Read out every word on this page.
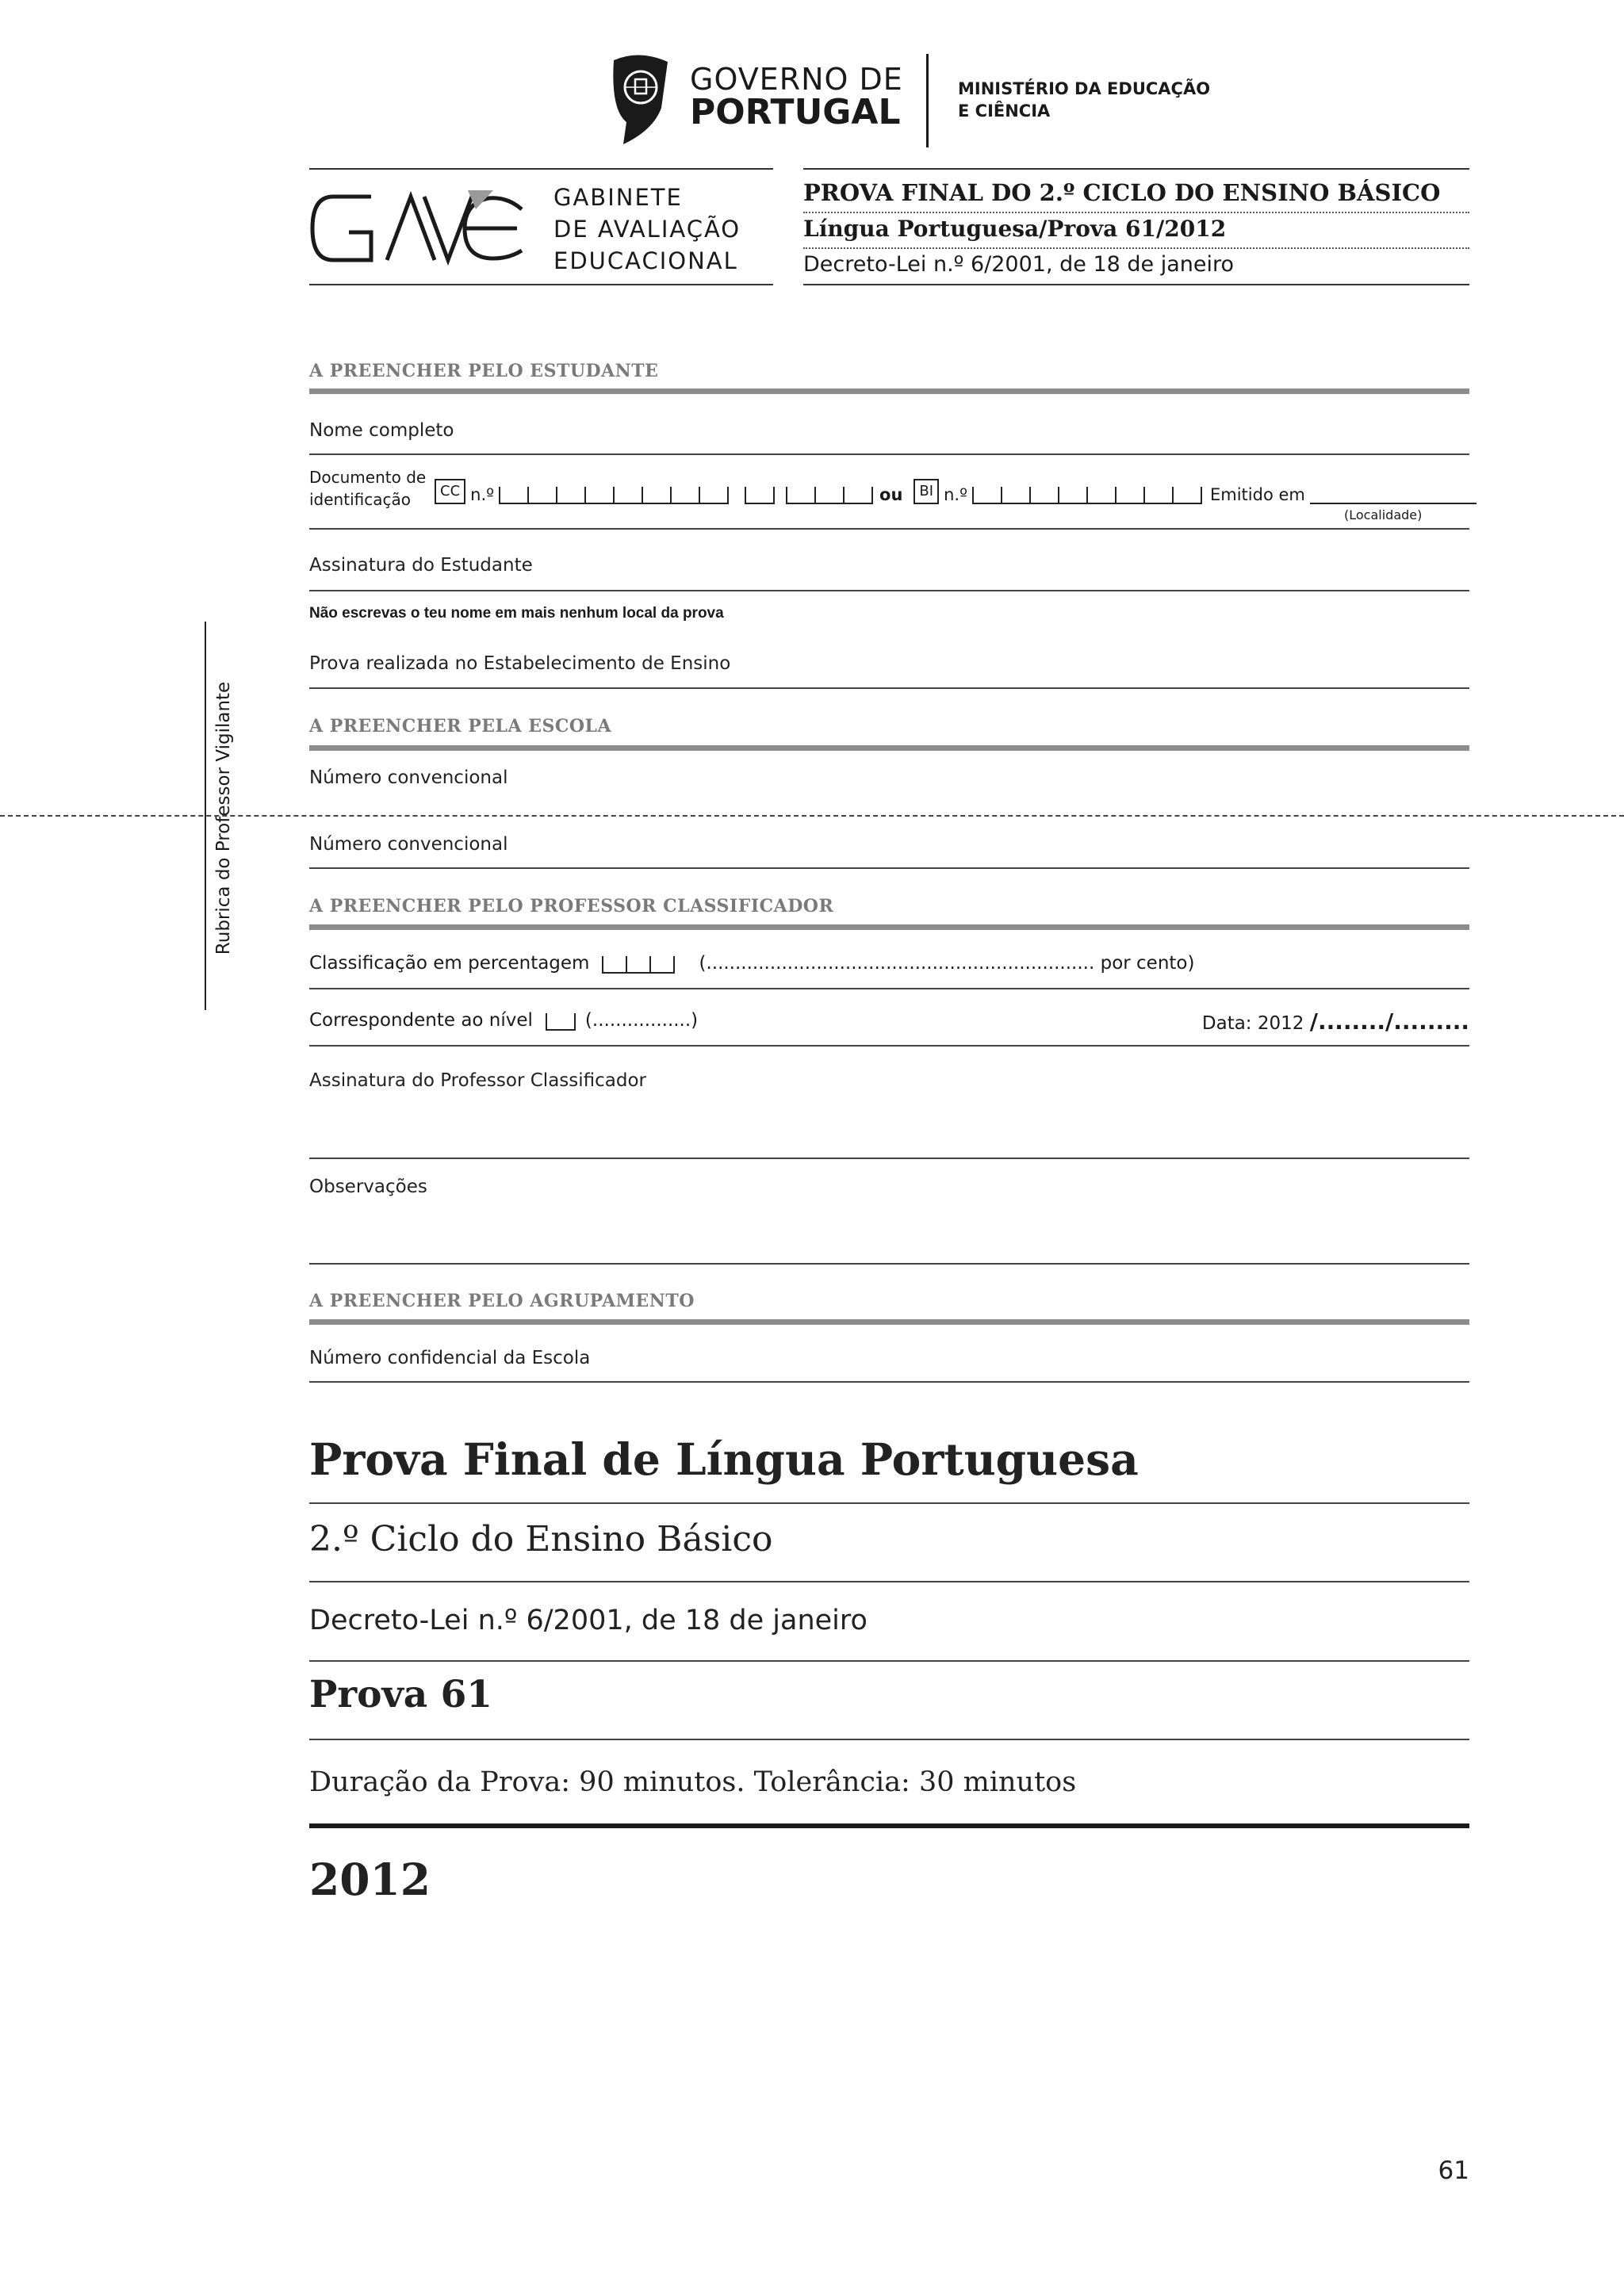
GOVERNO DE
PORTUGAL
MINISTÉRIO DA EDUCAÇÃO
E CIÊNCIA
GABINETE
DE AVALIAÇÃO
EDUCACIONAL
PROVA FINAL DO 2.º CICLO DO ENSINO BÁSICO
Língua Portuguesa/Prova 61/2012
Decreto-Lei n.º 6/2001, de 18 de janeiro
Rubrica do Professor Vigilante
A PREENCHER PELO ESTUDANTE
Nome completo
Documento de
identificação	CC n.º	ou	BI n.º	Emitido em
(Localidade)
Assinatura do Estudante
Não escrevas o teu nome em mais nenhum local da prova
Prova realizada no Estabelecimento de Ensino
A PREENCHER PELA ESCOLA
Número convencional
Número convencional
A PREENCHER PELO PROFESSOR CLASSIFICADOR
Classificação em percentagem	(................................................................... por cento)
Correspondente ao nível	(.................)	Data: 2012 /......../.........
Assinatura do Professor Classificador
Observações
A PREENCHER PELO AGRUPAMENTO
Número confidencial da Escola
Prova Final de Língua Portuguesa
2.º Ciclo do Ensino Básico
Decreto-Lei n.º 6/2001, de 18 de janeiro
Prova 61
Duração da Prova: 90 minutos. Tolerância: 30 minutos
2012
61
